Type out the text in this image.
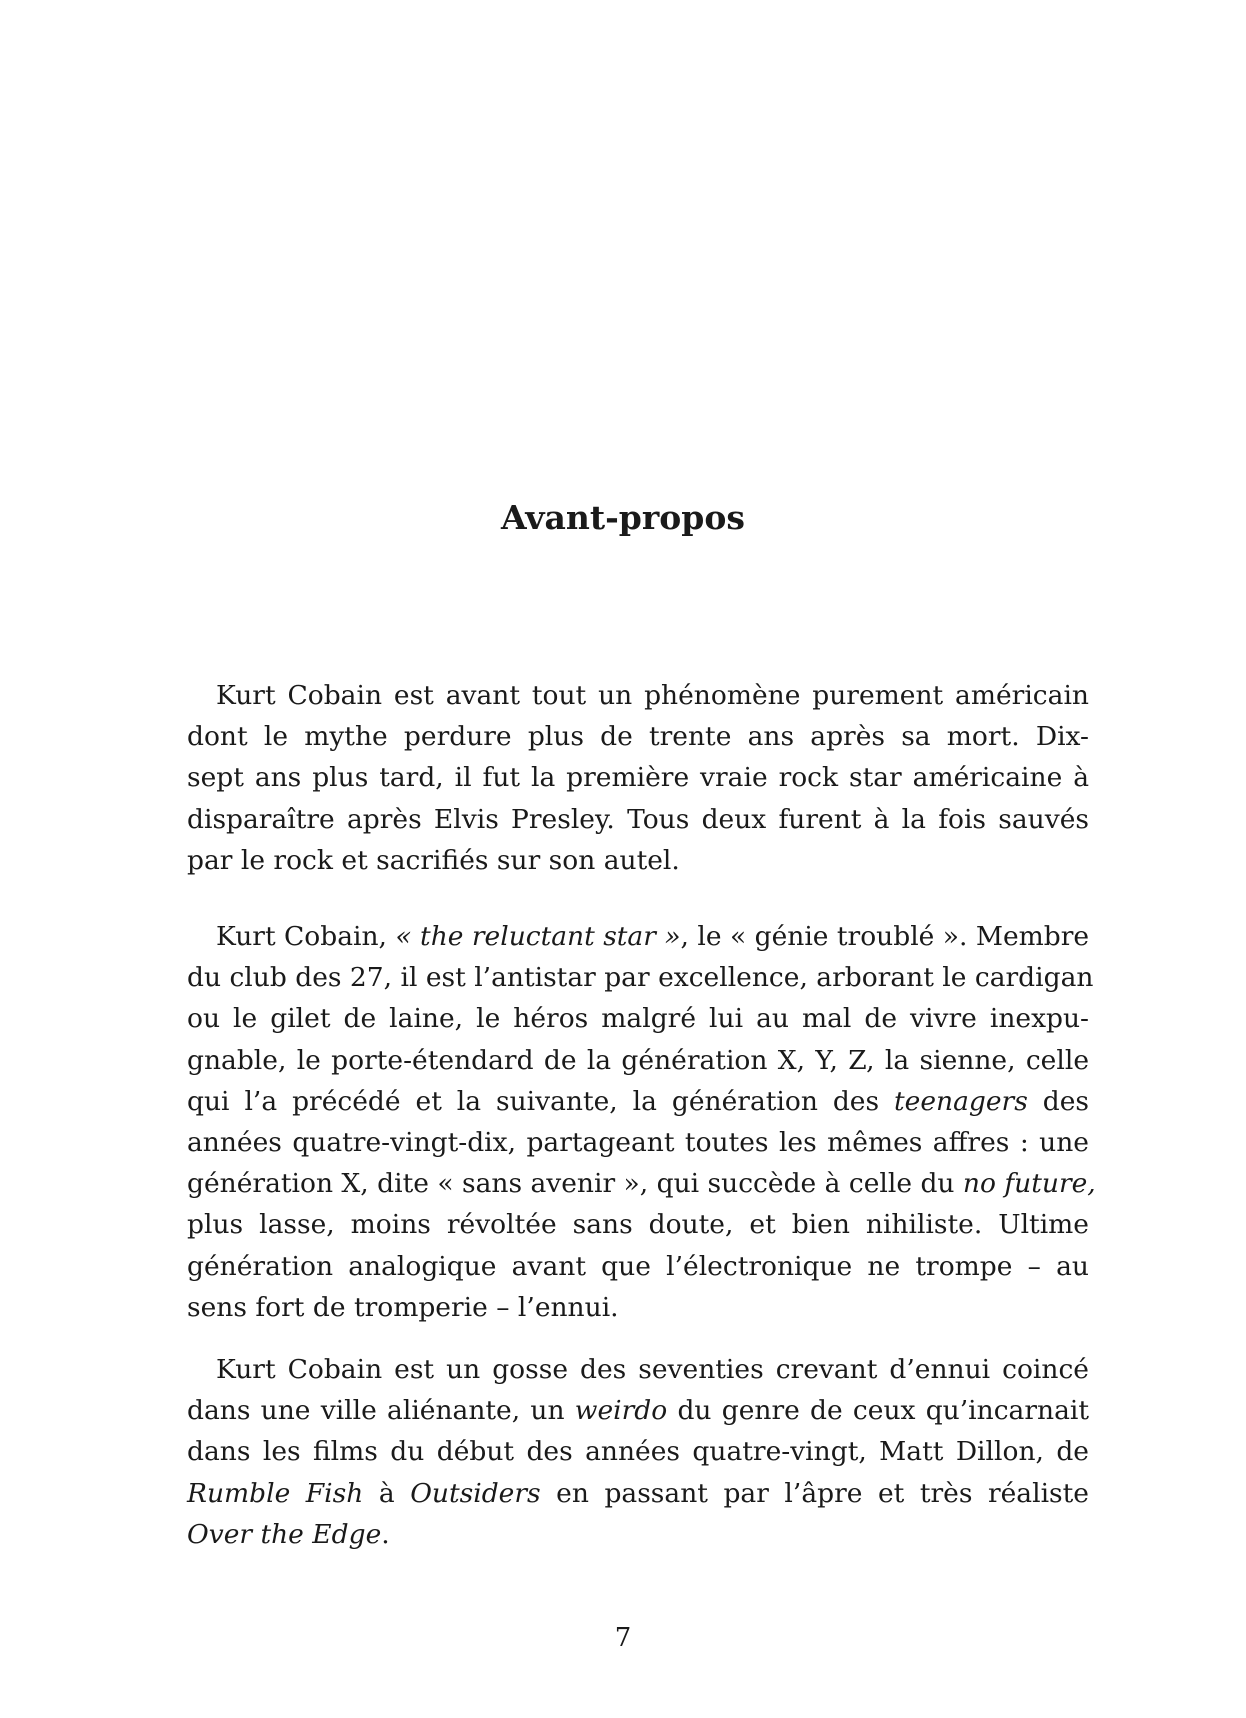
Avant-propos
Kurt Cobain est avant tout un phénomène purement américain
dont le mythe perdure plus de trente ans après sa mort. Dix-
sept ans plus tard, il fut la première vraie rock star américaine à
disparaître après Elvis Presley. Tous deux furent à la fois sauvés
par le rock et sacrifiés sur son autel.
Kurt Cobain, « the reluctant star », le « génie troublé ». Membre
du club des 27, il est l’antistar par excellence, arborant le cardigan
ou le gilet de laine, le héros malgré lui au mal de vivre inexpu-
gnable, le porte-étendard de la génération X, Y, Z, la sienne, celle
qui l’a précédé et la suivante, la génération des teenagers des
années quatre-vingt-dix, partageant toutes les mêmes affres : une
génération X, dite « sans avenir », qui succède à celle du no future,
plus lasse, moins révoltée sans doute, et bien nihiliste. Ultime
génération analogique avant que l’électronique ne trompe – au
sens fort de tromperie – l’ennui.
Kurt Cobain est un gosse des seventies crevant d’ennui coincé
dans une ville aliénante, un weirdo du genre de ceux qu’incarnait
dans les films du début des années quatre-vingt, Matt Dillon, de
Rumble Fish à Outsiders en passant par l’âpre et très réaliste
Over the Edge.
7
